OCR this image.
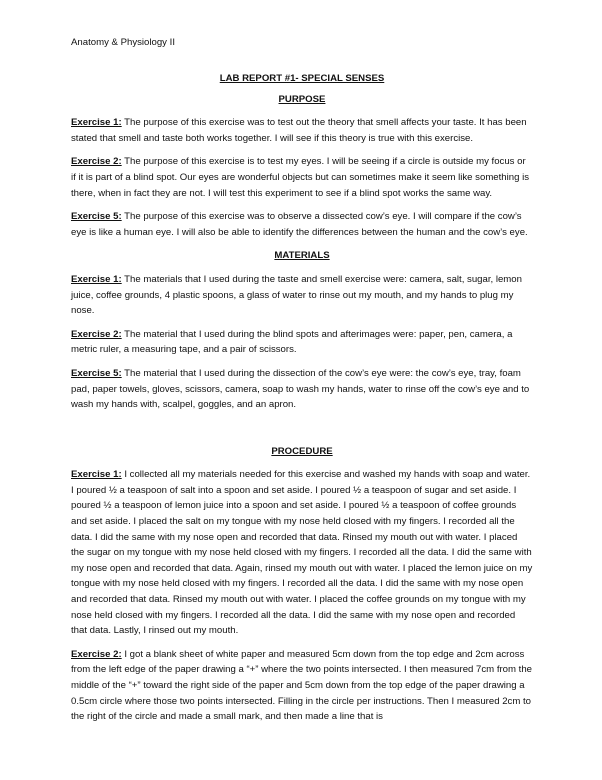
Anatomy & Physiology II
LAB REPORT #1- SPECIAL SENSES
PURPOSE

Exercise 1: The purpose of this exercise was to test out the theory that smell affects your taste. It has been stated that smell and taste both works together. I will see if this theory is true with this exercise.

Exercise 2: The purpose of this exercise is to test my eyes. I will be seeing if a circle is outside my focus or if it is part of a blind spot. Our eyes are wonderful objects but can sometimes make it seem like something is there, when in fact they are not. I will test this experiment to see if a blind spot works the same way.

Exercise 5: The purpose of this exercise was to observe a dissected cow’s eye. I will compare if the cow’s eye is like a human eye. I will also be able to identify the differences between the human and the cow’s eye.

MATERIALS

Exercise 1: The materials that I used during the taste and smell exercise were: camera, salt, sugar, lemon juice, coffee grounds, 4 plastic spoons, a glass of water to rinse out my mouth, and my hands to plug my nose.

Exercise 2: The material that I used during the blind spots and afterimages were: paper, pen, camera, a metric ruler, a measuring tape, and a pair of scissors.

Exercise 5: The material that I used during the dissection of the cow’s eye were: the cow’s eye, tray, foam pad, paper towels, gloves, scissors, camera, soap to wash my hands, water to rinse off the cow’s eye and to wash my hands with, scalpel, goggles, and an apron.

PROCEDURE

Exercise 1: I collected all my materials needed for this exercise and washed my hands with soap and water. I poured ½ a teaspoon of salt into a spoon and set aside. I poured ½ a teaspoon of sugar and set aside. I poured ½ a teaspoon of lemon juice into a spoon and set aside. I poured ½ a teaspoon of coffee grounds and set aside. I placed the salt on my tongue with my nose held closed with my fingers. I recorded all the data. I did the same with my nose open and recorded that data. Rinsed my mouth out with water. I placed the sugar on my tongue with my nose held closed with my fingers. I recorded all the data. I did the same with my nose open and recorded that data. Again, rinsed my mouth out with water. I placed the lemon juice on my tongue with my nose held closed with my fingers. I recorded all the data. I did the same with my nose open and recorded that data. Rinsed my mouth out with water. I placed the coffee grounds on my tongue with my nose held closed with my fingers. I recorded all the data. I did the same with my nose open and recorded that data. Lastly, I rinsed out my mouth.

Exercise 2: I got a blank sheet of white paper and measured 5cm down from the top edge and 2cm across from the left edge of the paper drawing a “+” where the two points intersected. I then measured 7cm from the middle of the “+” toward the right side of the paper and 5cm down from the top edge of the paper drawing a 0.5cm circle where those two points intersected. Filling in the circle per instructions. Then I measured 2cm to the right of the circle and made a small mark, and then made a line that is
